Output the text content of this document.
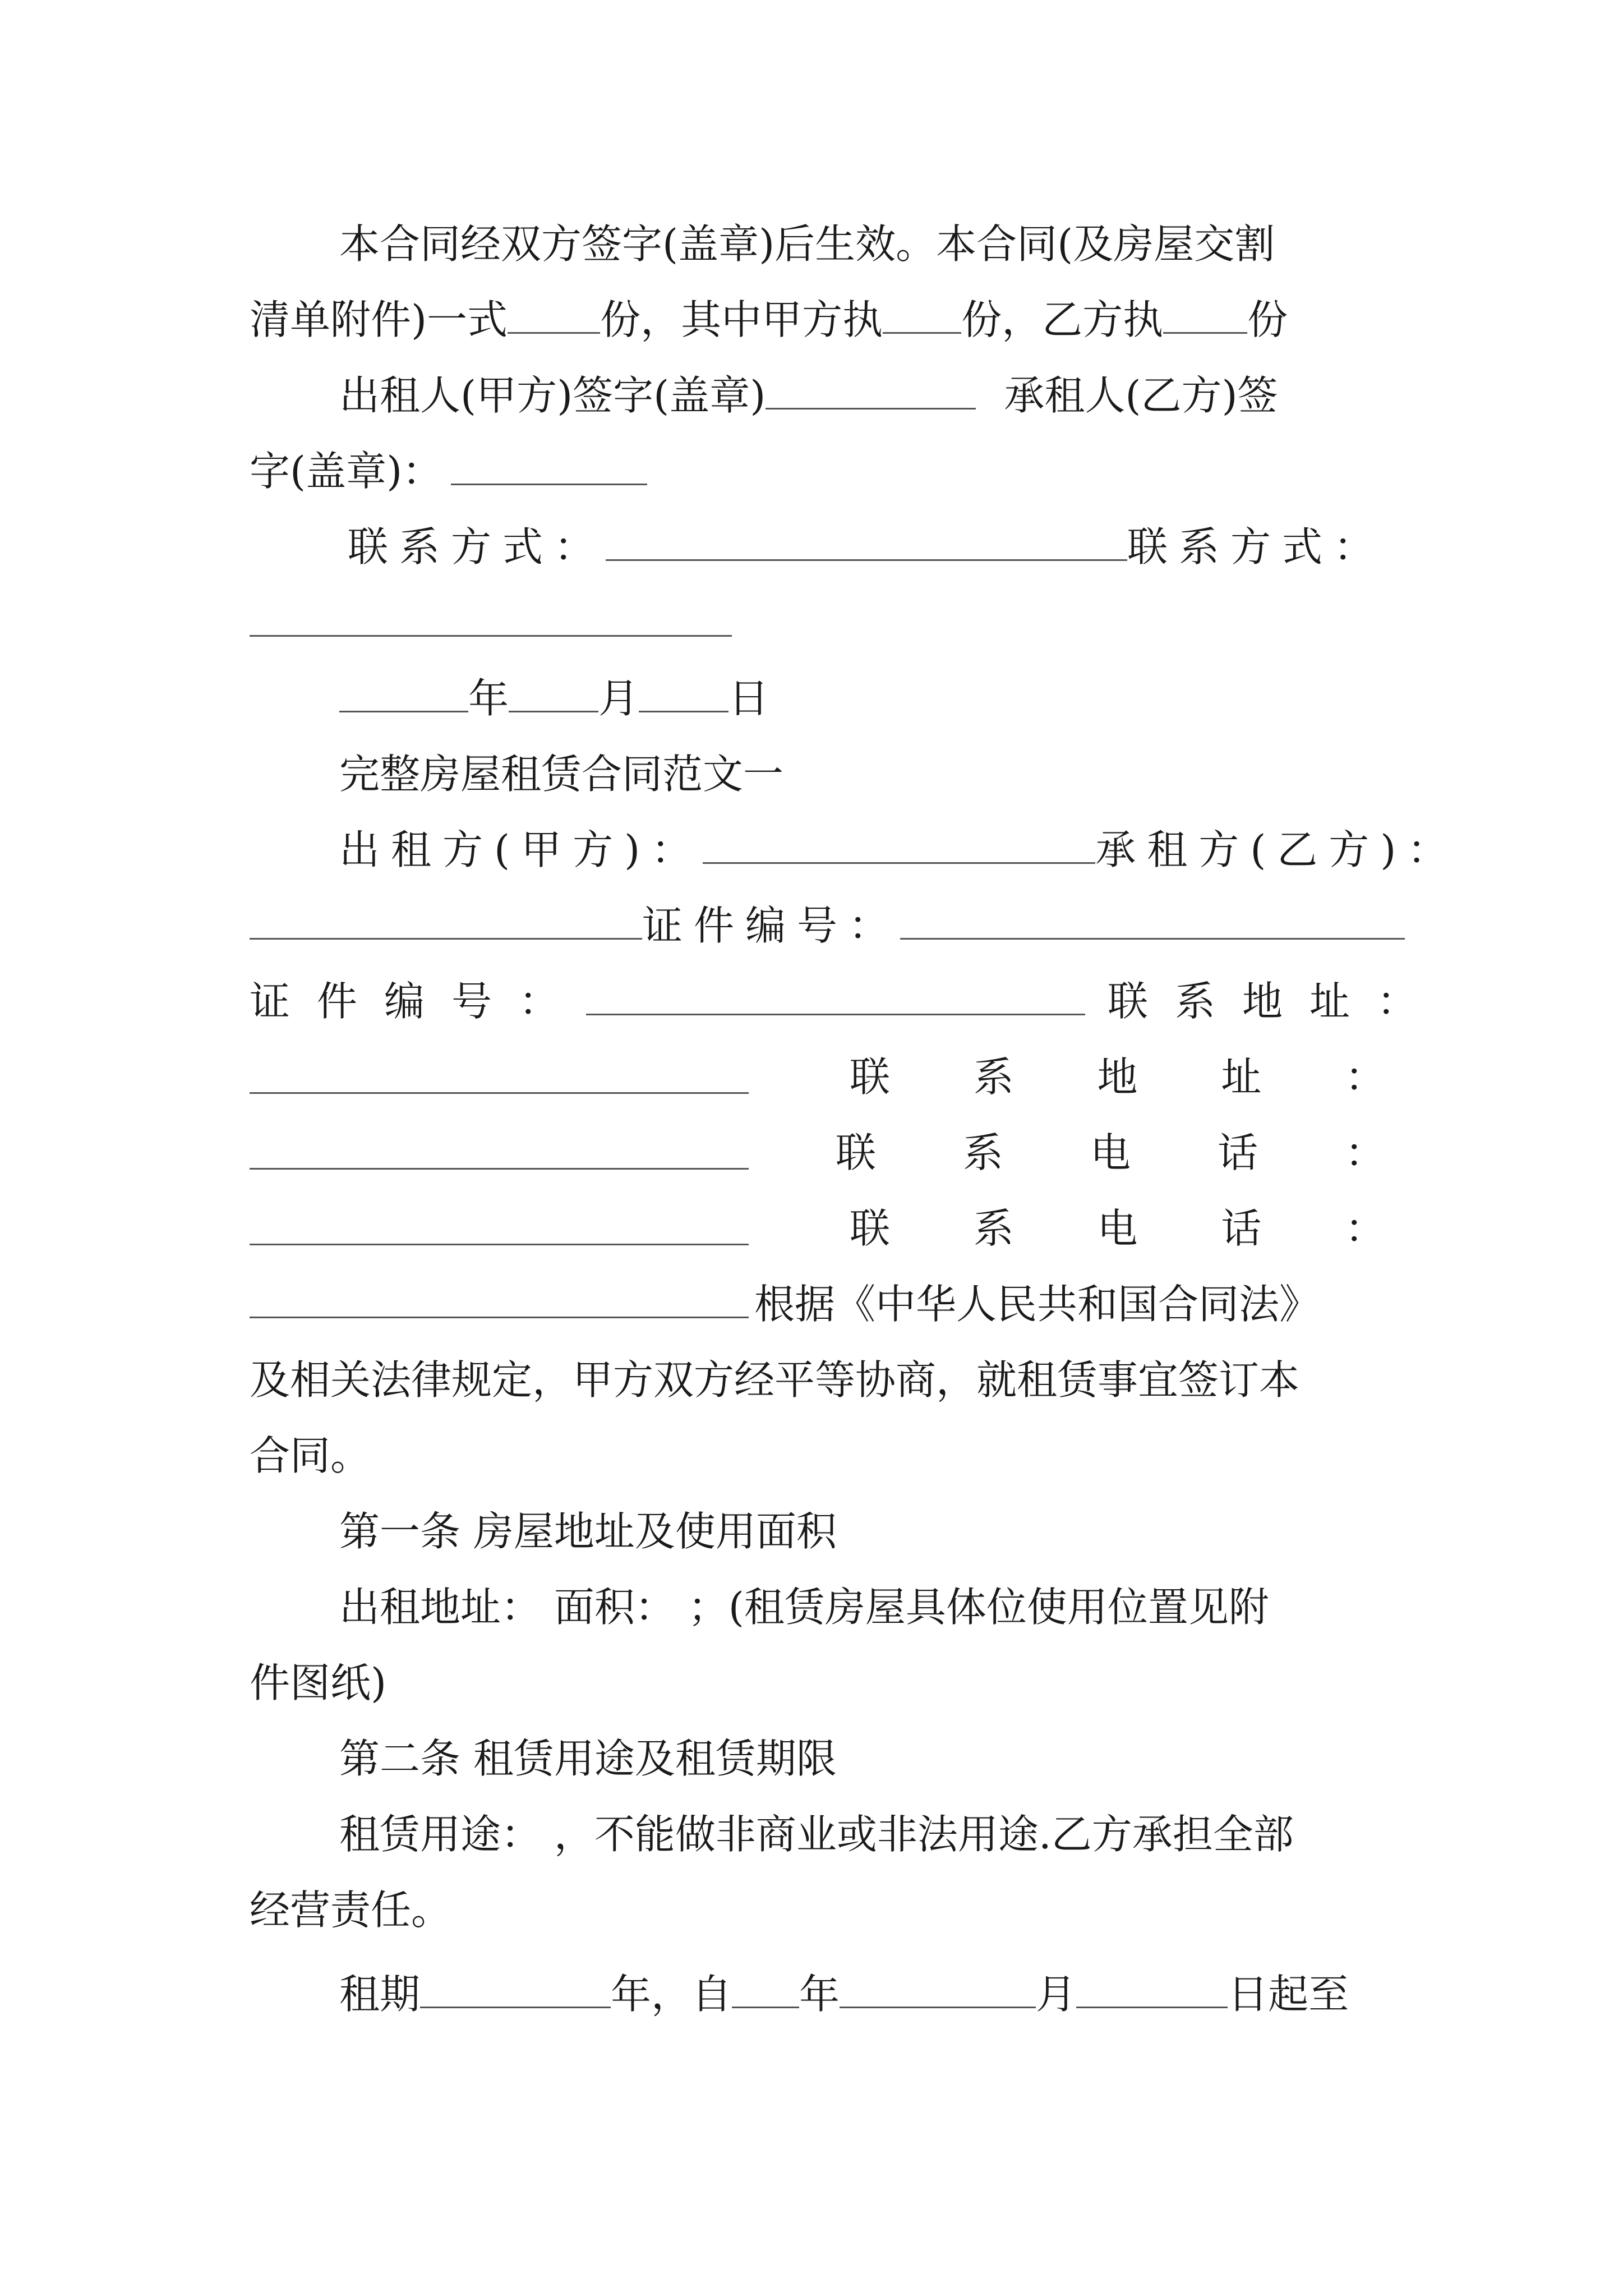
本合同经双方签字(盖章)后生效。本合同(及房屋交割
清单附件)一式 份，其中甲方执 份，乙方执 份
出租人(甲方)签字(盖章)	承租人(乙方)签
字(盖章)：
联系方式：	联系方式：
年 月 日
完整房屋租赁合同范文一
出租方(甲方)：	承租方(乙方)：
证件编号：
证件编号：	联系地址：
联 系 地 址 ：
联 系 电 话 ：
联 系 电 话 ：
根据《中华人民共和国合同法》
及相关法律规定，甲方双方经平等协商，就租赁事宜签订本
合同。
第一条 房屋地址及使用面积
出租地址： 面积： ；(租赁房屋具体位使用位置见附
件图纸)
第二条 租赁用途及租赁期限
租赁用途： ，不能做非商业或非法用途.乙方承担全部
经营责任。
租期	年，自 年	月	日起至
